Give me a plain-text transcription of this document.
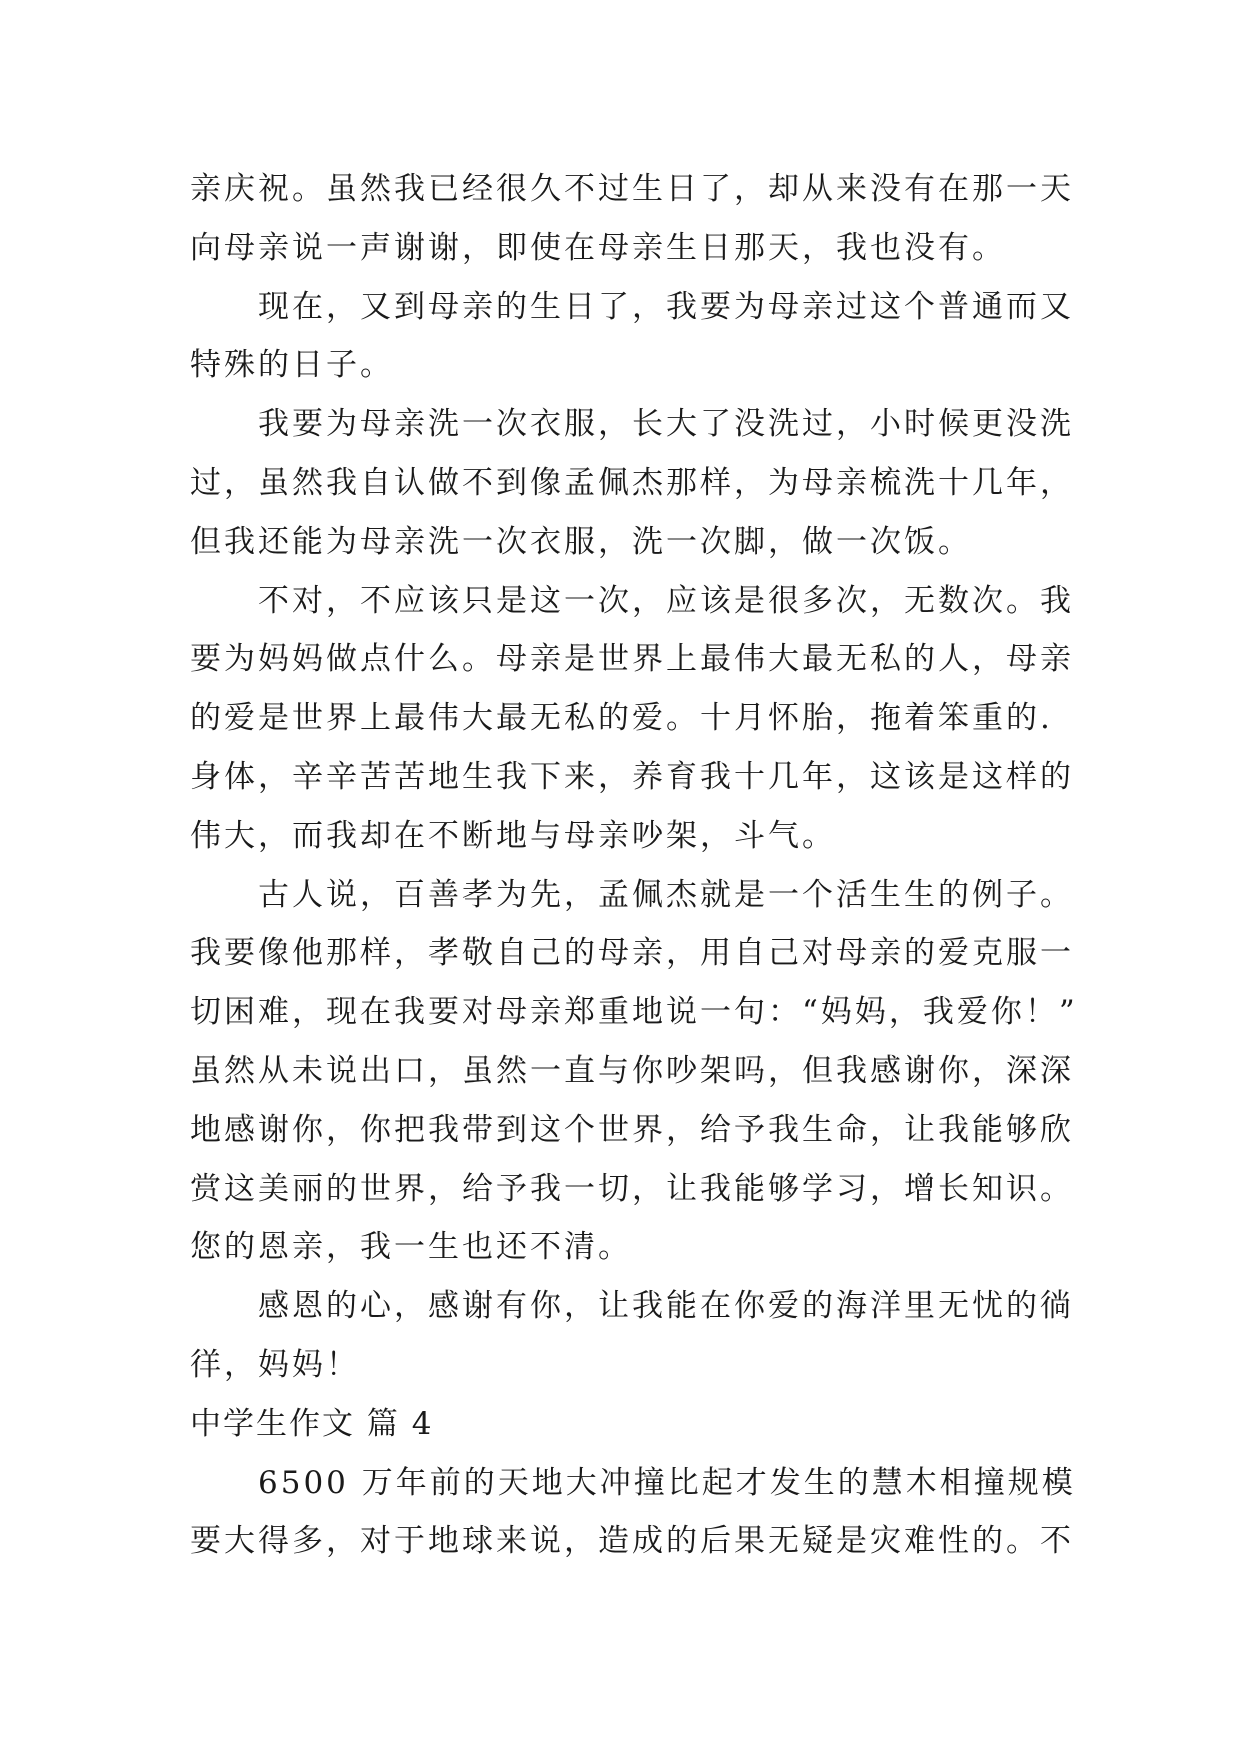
亲庆祝。虽然我已经很久不过生日了，却从来没有在那一天
向母亲说一声谢谢，即使在母亲生日那天，我也没有。
现在，又到母亲的生日了，我要为母亲过这个普通而又
特殊的日子。
我要为母亲洗一次衣服，长大了没洗过，小时候更没洗
过，虽然我自认做不到像孟佩杰那样，为母亲梳洗十几年，
但我还能为母亲洗一次衣服，洗一次脚，做一次饭。
不对，不应该只是这一次，应该是很多次，无数次。我
要为妈妈做点什么。母亲是世界上最伟大最无私的人，母亲
的爱是世界上最伟大最无私的爱。十月怀胎，拖着笨重的.
身体，辛辛苦苦地生我下来，养育我十几年，这该是这样的
伟大，而我却在不断地与母亲吵架，斗气。
古人说，百善孝为先，孟佩杰就是一个活生生的例子。
我要像他那样，孝敬自己的母亲，用自己对母亲的爱克服一
切困难，现在我要对母亲郑重地说一句：“妈妈，我爱你！”
虽然从未说出口，虽然一直与你吵架吗，但我感谢你，深深
地感谢你，你把我带到这个世界，给予我生命，让我能够欣
赏这美丽的世界，给予我一切，让我能够学习，增长知识。
您的恩亲，我一生也还不清。
感恩的心，感谢有你，让我能在你爱的海洋里无忧的徜
徉，妈妈！
中学生作文 篇 4
6500 万年前的天地大冲撞比起才发生的慧木相撞规模
要大得多，对于地球来说，造成的后果无疑是灾难性的。不
